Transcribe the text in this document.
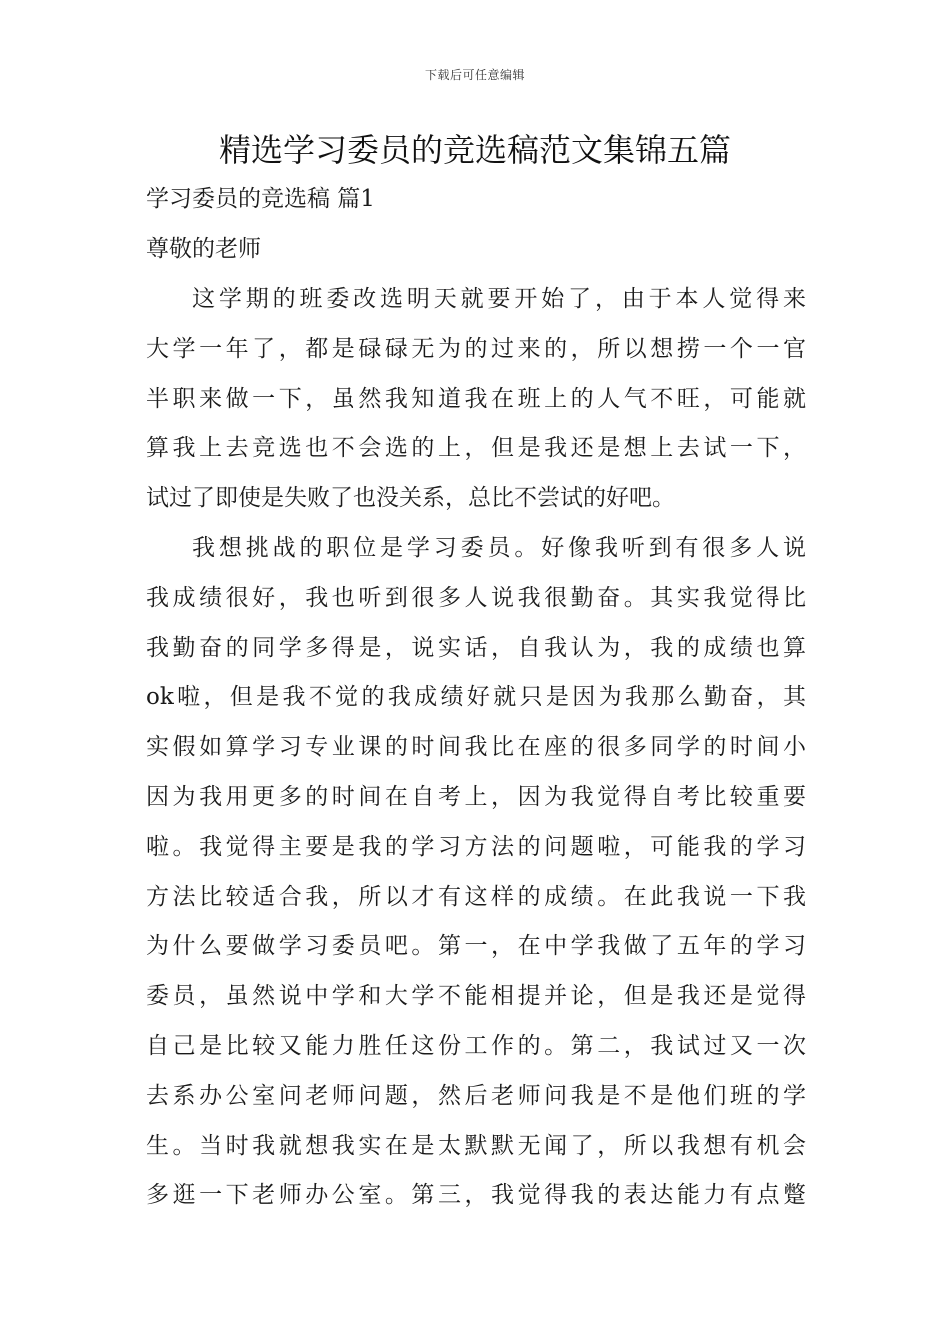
下载后可任意编辑
精选学习委员的竞选稿范文集锦五篇
学习委员的竞选稿 篇1
尊敬的老师
这学期的班委改选明天就要开始了，由于本人觉得来
大学一年了，都是碌碌无为的过来的，所以想捞一个一官
半职来做一下，虽然我知道我在班上的人气不旺，可能就
算我上去竞选也不会选的上，但是我还是想上去试一下，
试过了即使是失败了也没关系，总比不尝试的好吧。
我想挑战的职位是学习委员。好像我听到有很多人说
我成绩很好，我也听到很多人说我很勤奋。其实我觉得比
我勤奋的同学多得是，说实话，自我认为，我的成绩也算
ok啦，但是我不觉的我成绩好就只是因为我那么勤奋，其
实假如算学习专业课的时间我比在座的很多同学的时间小
因为我用更多的时间在自考上，因为我觉得自考比较重要
啦。我觉得主要是我的学习方法的问题啦，可能我的学习
方法比较适合我，所以才有这样的成绩。在此我说一下我
为什么要做学习委员吧。第一，在中学我做了五年的学习
委员，虽然说中学和大学不能相提并论，但是我还是觉得
自己是比较又能力胜任这份工作的。第二，我试过又一次
去系办公室问老师问题，然后老师问我是不是他们班的学
生。当时我就想我实在是太默默无闻了，所以我想有机会
多逛一下老师办公室。第三，我觉得我的表达能力有点蹩
